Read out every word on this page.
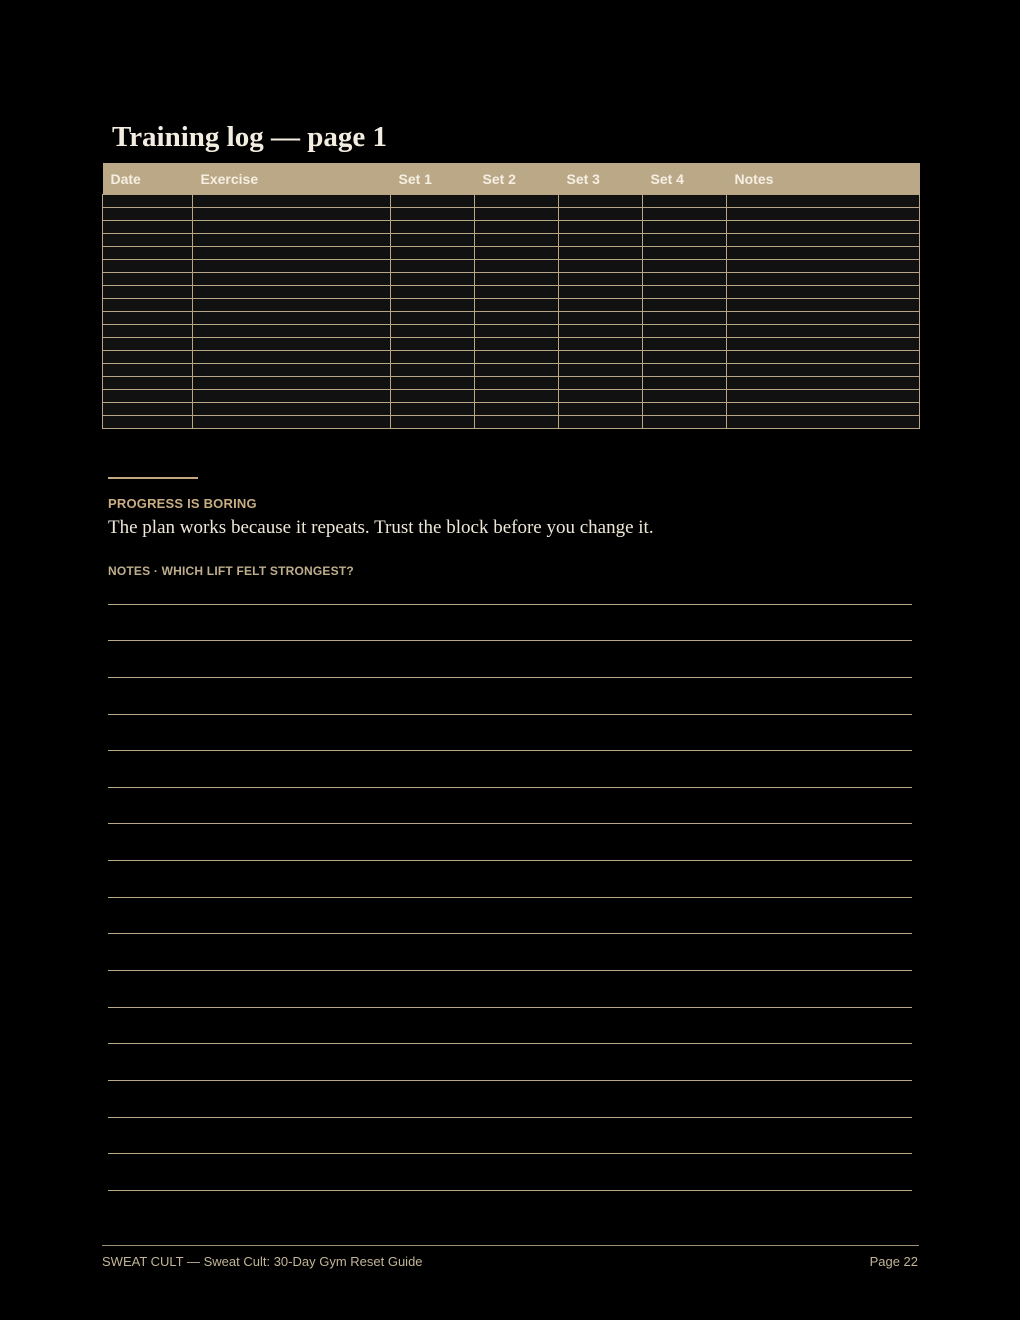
Training log — page 1
Date	Exercise	Set 1	Set 2	Set 3	Set 4	Notes

PROGRESS IS BORING
The plan works because it repeats. Trust the block before you change it.
NOTES · WHICH LIFT FELT STRONGEST?
SWEAT CULT — Sweat Cult: 30-Day Gym Reset Guide	Page 22
